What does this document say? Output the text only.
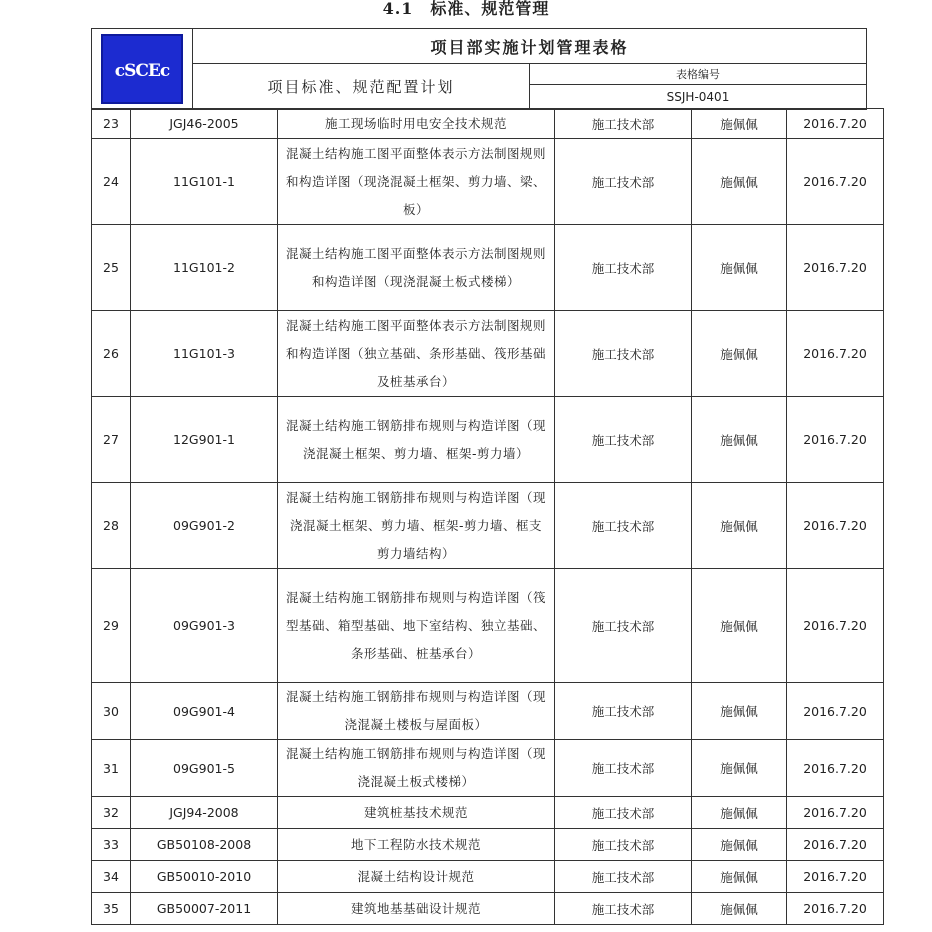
4.1　标准、规范管理
cSCEc	项目部实施计划管理表格	
	项目标准、规范配置计划	表格编号
		SSJH-0401
23	JGJ46-2005	施工现场临时用电安全技术规范	施工技术部	施佩佩	2016.7.20
24	11G101-1	混凝土结构施工图平面整体表示方法制图规则和构造详图（现浇混凝土框架、剪力墙、梁、板）	施工技术部	施佩佩	2016.7.20
25	11G101-2	混凝土结构施工图平面整体表示方法制图规则和构造详图（现浇混凝土板式楼梯）	施工技术部	施佩佩	2016.7.20
26	11G101-3	混凝土结构施工图平面整体表示方法制图规则和构造详图（独立基础、条形基础、筏形基础及桩基承台）	施工技术部	施佩佩	2016.7.20
27	12G901-1	混凝土结构施工钢筋排布规则与构造详图（现浇混凝土框架、剪力墙、框架-剪力墙）	施工技术部	施佩佩	2016.7.20
28	09G901-2	混凝土结构施工钢筋排布规则与构造详图（现浇混凝土框架、剪力墙、框架-剪力墙、框支剪力墙结构）	施工技术部	施佩佩	2016.7.20
29	09G901-3	混凝土结构施工钢筋排布规则与构造详图（筏型基础、箱型基础、地下室结构、独立基础、条形基础、桩基承台）	施工技术部	施佩佩	2016.7.20
30	09G901-4	混凝土结构施工钢筋排布规则与构造详图（现浇混凝土楼板与屋面板）	施工技术部	施佩佩	2016.7.20
31	09G901-5	混凝土结构施工钢筋排布规则与构造详图（现浇混凝土板式楼梯）	施工技术部	施佩佩	2016.7.20
32	JGJ94-2008	建筑桩基技术规范	施工技术部	施佩佩	2016.7.20
33	GB50108-2008	地下工程防水技术规范	施工技术部	施佩佩	2016.7.20
34	GB50010-2010	混凝土结构设计规范	施工技术部	施佩佩	2016.7.20
35	GB50007-2011	建筑地基基础设计规范	施工技术部	施佩佩	2016.7.20
